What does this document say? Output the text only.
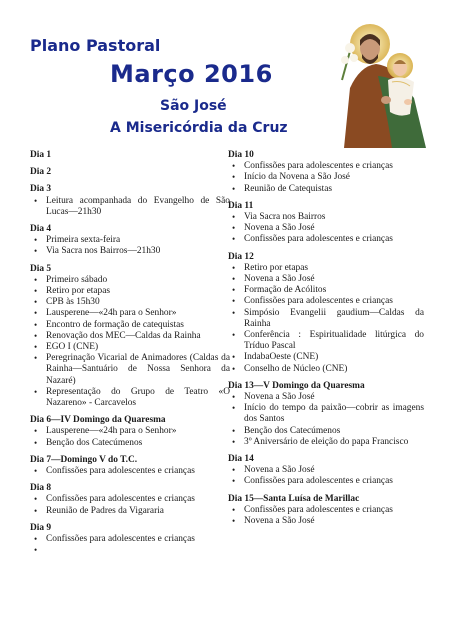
Plano Pastoral
Março 2016
São José
A Misericórdia da Cruz
Dia 1
Dia 2
Dia 3
• Leitura acompanhada do Evangelho de São Lucas—21h30
Dia 4
• Primeira sexta-feira
• Via Sacra nos Bairros—21h30
Dia 5
• Primeiro sábado
• Retiro por etapas
• CPB às 15h30
• Lausperene—«24h para o Senhor»
• Encontro de formação de catequistas
• Renovação dos MEC—Caldas da Rainha
• EGO I (CNE)
• Peregrinação Vicarial de Animadores (Caldas da Rainha—Santuário de Nossa Senhora da Nazaré)
• Representação do Grupo de Teatro «O Nazareno» - Carcavelos
Dia 6—IV Domingo da Quaresma
• Lausperene—«24h para o Senhor»
• Benção dos Catecúmenos
Dia 7—Domingo V do T.C.
• Confissões para adolescentes e crianças
Dia 8
• Confissões para adolescentes e crianças
• Reunião de Padres da Vigararia
Dia 9
• Confissões para adolescentes e crianças
•
Dia 10
• Confissões para adolescentes e crianças
• Início da Novena a São José
• Reunião de Catequistas
Dia 11
• Via Sacra nos Bairros
• Novena a São José
• Confissões para adolescentes e crianças
Dia 12
• Retiro por etapas
• Novena a São José
• Formação de Acólitos
• Confissões para adolescentes e crianças
• Simpósio Evangelii gaudium—Caldas da Rainha
• Conferência : Espiritualidade litúrgica do Tríduo Pascal
• IndabaOeste (CNE)
• Conselho de Núcleo (CNE)
Dia 13—V Domingo da Quaresma
• Novena a São José
• Início do tempo da paixão—cobrir as imagens dos Santos
• Benção dos Catecúmenos
• 3º Aniversário de eleição do papa Francisco
Dia 14
• Novena a São José
• Confissões para adolescentes e crianças
Dia 15—Santa Luísa de Marillac
• Confissões para adolescentes e crianças
• Novena a São José
